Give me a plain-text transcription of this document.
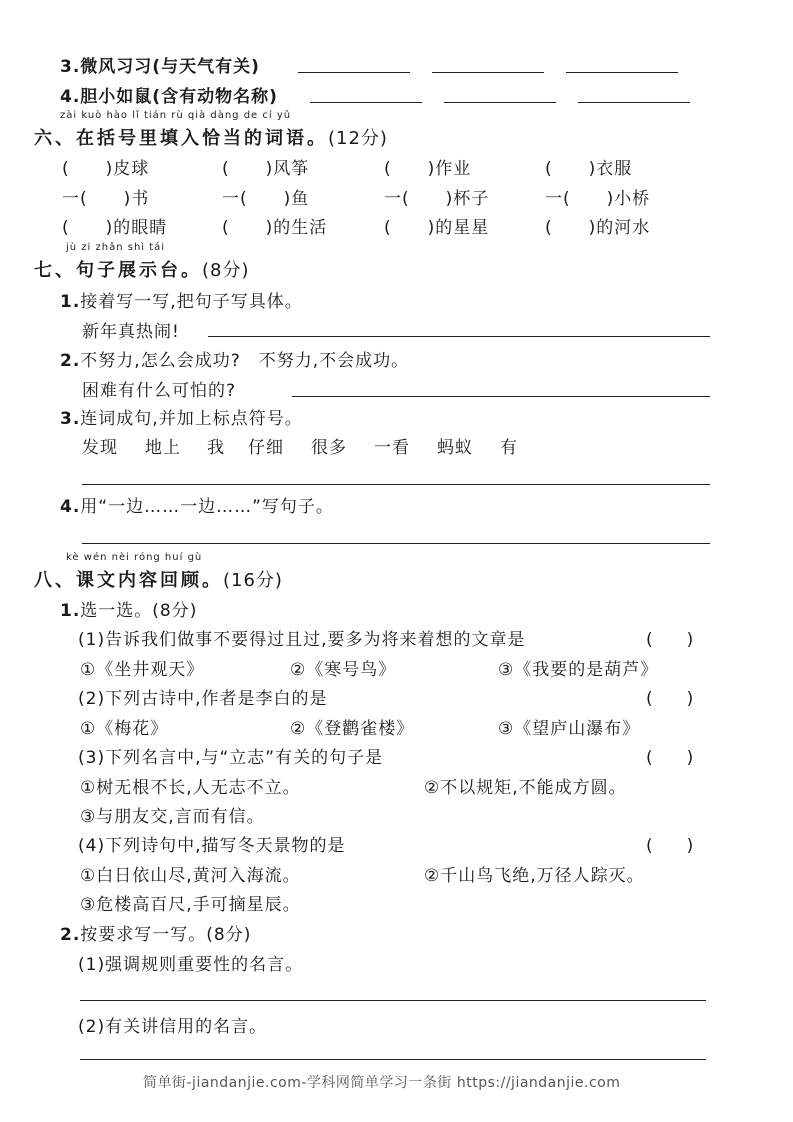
3.微风习习(与天气有关)
4.胆小如鼠(含有动物名称)
zài kuò hào lǐ tián rù qià dàng de cí yǔ
六、在括号里填入恰当的词语。(12分)
(　　)皮球	(　　)风筝	(　　)作业	(　　)衣服
一(　　)书	一(　　)鱼	一(　　)杯子	一(　　)小桥
(　　)的眼睛	(　　)的生活	(　　)的星星	(　　)的河水
jù zi zhǎn shì tái
七、句子展示台。(8分)
1.接着写一写,把句子写具体。
新年真热闹!
2.不努力,怎么会成功?　不努力,不会成功。
困难有什么可怕的?
3.连词成句,并加上标点符号。
发现 地上 我 仔细 很多 一看 蚂蚁 有
4.用“一边……一边……”写句子。
kè wén nèi róng huí gù
八、课文内容回顾。(16分)
1.选一选。(8分)
(1)告诉我们做事不要得过且过,要多为将来着想的文章是	(　　)
①《坐井观天》	②《寒号鸟》	③《我要的是葫芦》
(2)下列古诗中,作者是李白的是	(　　)
①《梅花》	②《登鹳雀楼》	③《望庐山瀑布》
(3)下列名言中,与“立志”有关的句子是	(　　)
①树无根不长,人无志不立。	②不以规矩,不能成方圆。
③与朋友交,言而有信。
(4)下列诗句中,描写冬天景物的是	(　　)
①白日依山尽,黄河入海流。	②千山鸟飞绝,万径人踪灭。
③危楼高百尺,手可摘星辰。
2.按要求写一写。(8分)
(1)强调规则重要性的名言。
(2)有关讲信用的名言。
简单街-jiandanjie.com-学科网简单学习一条街 https://jiandanjie.com
